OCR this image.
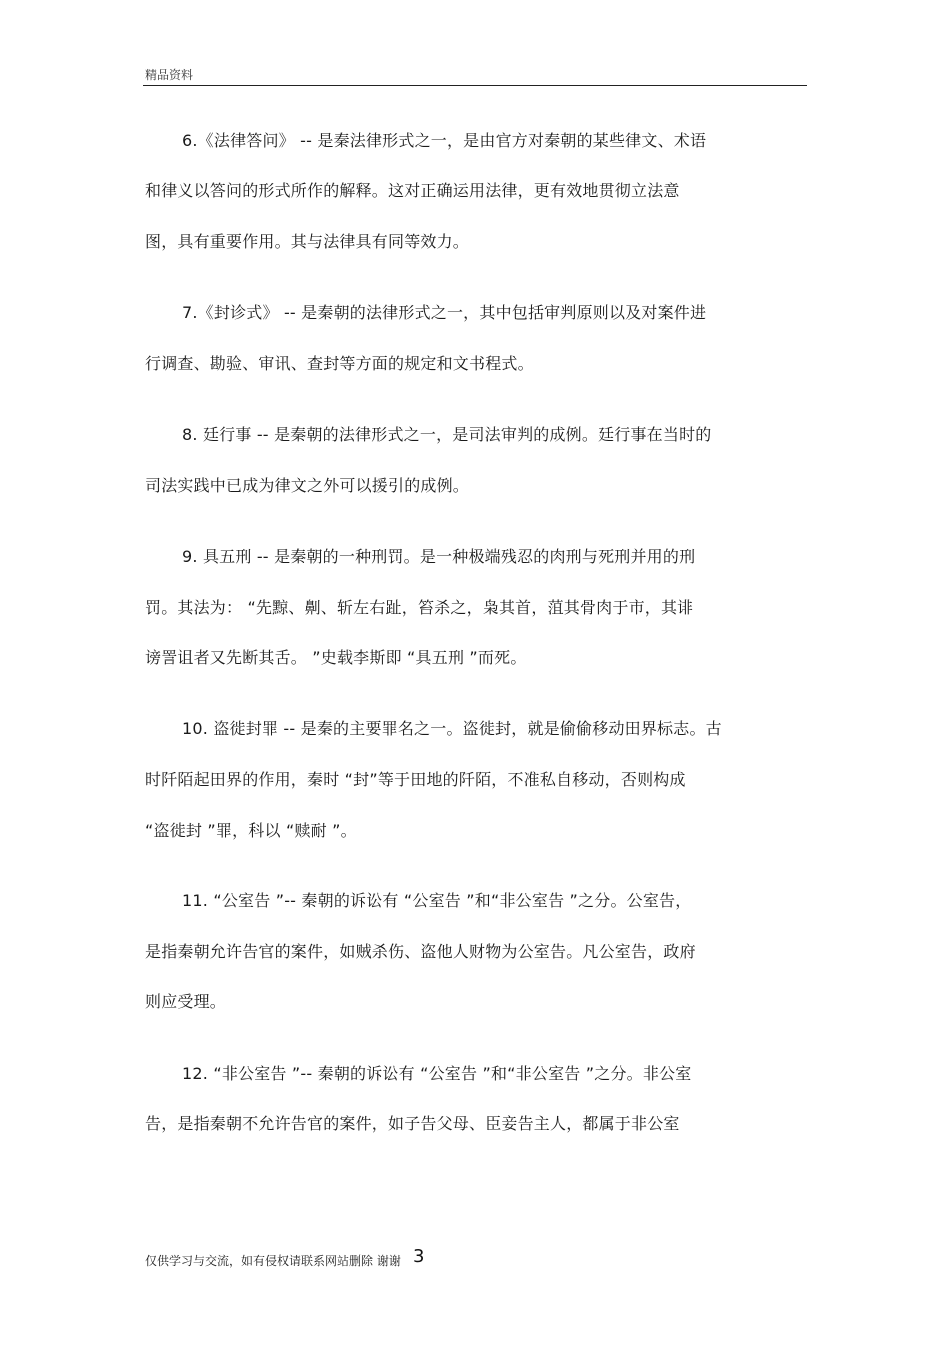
精品资料
6.《法律答问》 -- 是秦法律形式之一，是由官方对秦朝的某些律文、术语
和律义以答问的形式所作的解释。这对正确运用法律，更有效地贯彻立法意
图，具有重要作用。其与法律具有同等效力。
7.《封诊式》 -- 是秦朝的法律形式之一，其中包括审判原则以及对案件进
行调查、勘验、审讯、查封等方面的规定和文书程式。
8. 廷行事 -- 是秦朝的法律形式之一，是司法审判的成例。廷行事在当时的
司法实践中已成为律文之外可以援引的成例。
9. 具五刑 -- 是秦朝的一种刑罚。是一种极端残忍的肉刑与死刑并用的刑
罚。其法为： “先黥、劓、斩左右趾，笞杀之，枭其首，菹其骨肉于市，其诽
谤詈诅者又先断其舌。 ”史载李斯即 “具五刑 ”而死。
10. 盗徙封罪 -- 是秦的主要罪名之一。盗徙封，就是偷偷移动田界标志。古
时阡陌起田界的作用，秦时 “封”等于田地的阡陌，不准私自移动，否则构成
“盗徙封 ”罪，科以 “赎耐 ”。
11. “公室告 ”-- 秦朝的诉讼有 “公室告 ”和“非公室告 ”之分。公室告，
是指秦朝允许告官的案件，如贼杀伤、盗他人财物为公室告。凡公室告，政府
则应受理。
12. “非公室告 ”-- 秦朝的诉讼有 “公室告 ”和“非公室告 ”之分。非公室
告，是指秦朝不允许告官的案件，如子告父母、臣妾告主人，都属于非公室
仅供学习与交流，如有侵权请联系网站删除 谢谢 3
